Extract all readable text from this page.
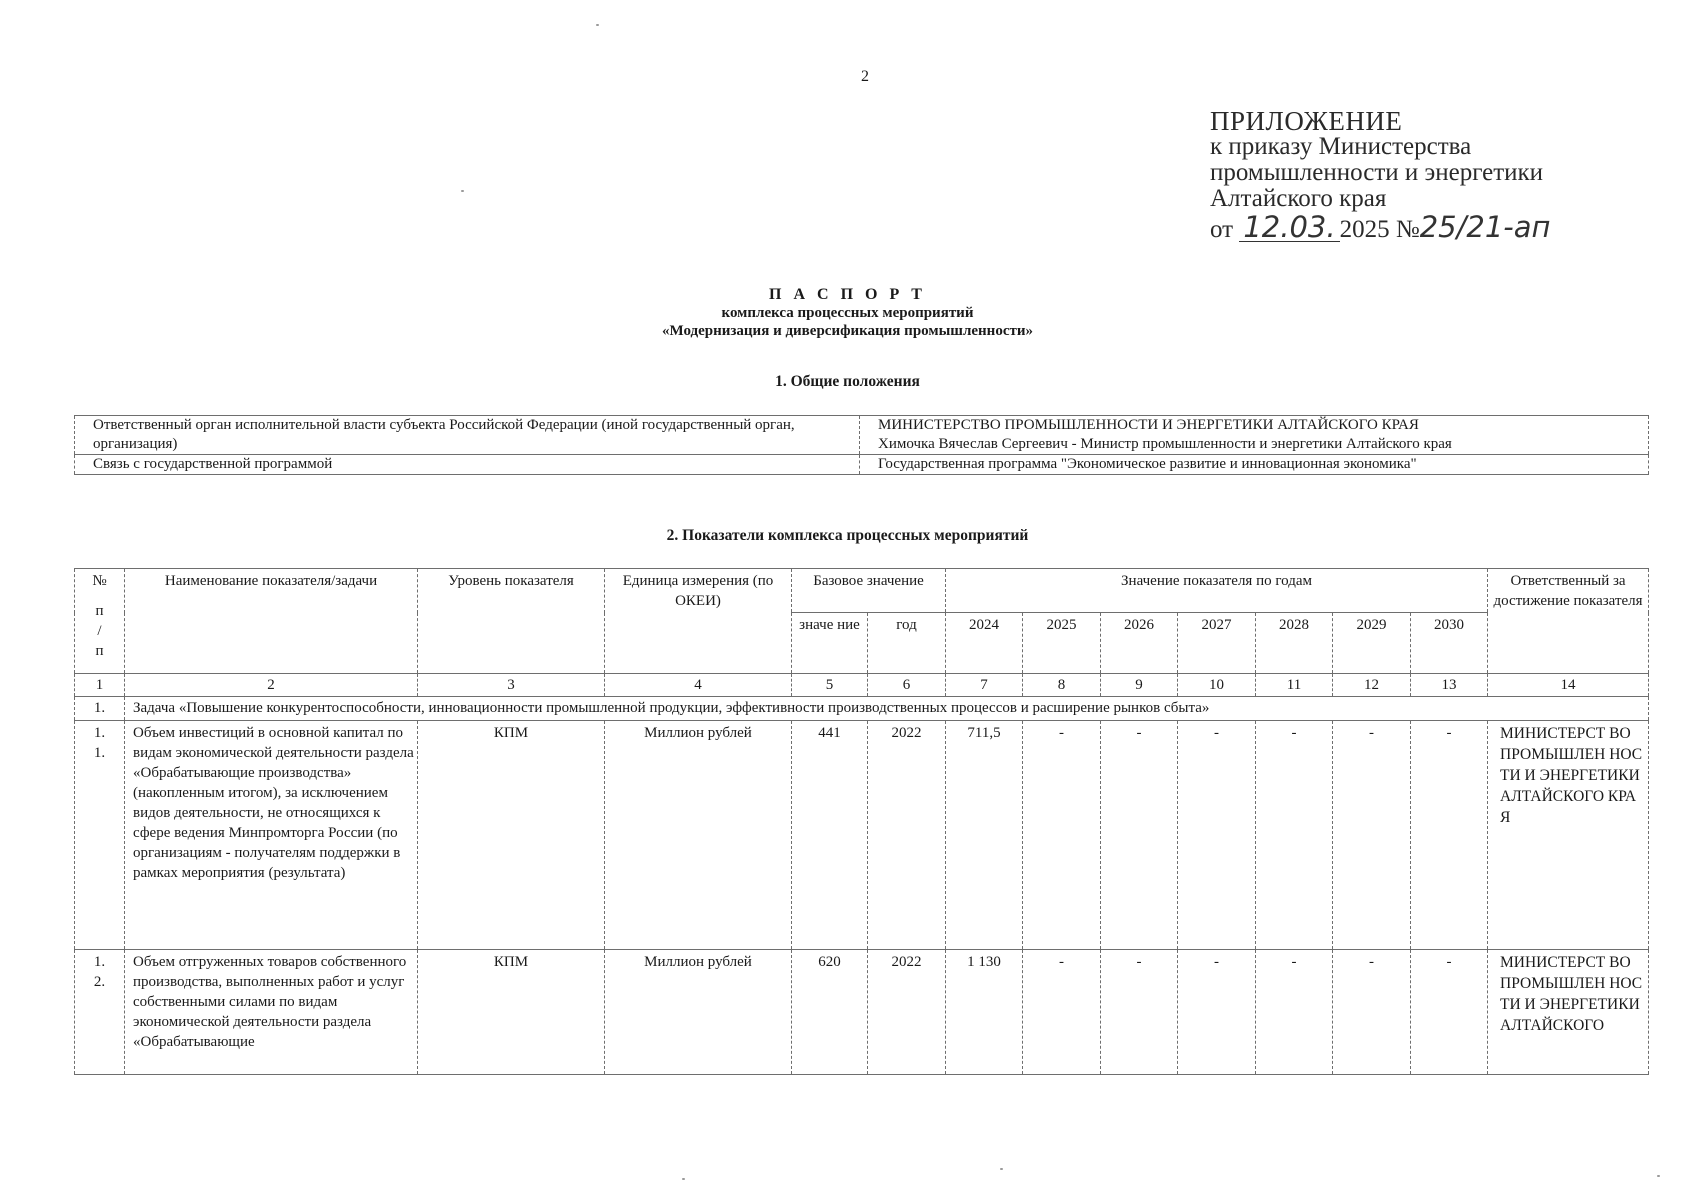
2
ПРИЛОЖЕНИЕ
к приказу Министерства
промышленности и энергетики
Алтайского края
от 12.03. 2025 №25/21-ап
П А С П О Р Т
комплекса процессных мероприятий
«Модернизация и диверсификация промышленности»
1. Общие положения
Ответственный орган исполнительной власти субъекта Российской Федерации (иной государственный орган, организация)	МИНИСТЕРСТВО ПРОМЫШЛЕННОСТИ И ЭНЕРГЕТИКИ АЛТАЙСКОГО КРАЯ
Химочка Вячеслав Сергеевич - Министр промышленности и энергетики Алтайского края

Связь с государственной программой	Государственная программа "Экономическое развитие и инновационная экономика"
2. Показатели комплекса процессных мероприятий
№
п
/
п	Наименование показателя/задачи	Уровень показателя	Единица измерения (по ОКЕИ)	Базовое значение		Значение показателя по годам							Ответственный за достижение показателя
				значе ние	год	2024	2025	2026	2027	2028	2029	2030	
1	2	3	4	5	6	7	8	9	10	11	12	13	14
1.	Задача «Повышение конкурентоспособности, инновационности промышленной продукции, эффективности производственных процессов и расширение рынков сбыта»												
1.
1.	Объем инвестиций в основной капитал по видам экономической деятельности раздела «Обрабатывающие производства» (накопленным итогом), за исключением видов деятельности, не относящихся к сфере ведения Минпромторга России (по организациям - получателям поддержки в рамках мероприятия (результата)	КПМ	Миллион рублей	441	2022	711,5	-	-	-	-	-	-	МИНИСТЕРСТ ВО ПРОМЫШЛЕН НОСТИ И ЭНЕРГЕТИКИ АЛТАЙСКОГО КРАЯ
1.
2.	Объем отгруженных товаров собственного производства, выполненных работ и услуг собственными силами по видам экономической деятельности раздела «Обрабатывающие	КПМ	Миллион рублей	620	2022	1 130	-	-	-	-	-	-	МИНИСТЕРСТ ВО ПРОМЫШЛЕН НОСТИ И ЭНЕРГЕТИКИ АЛТАЙСКОГО
